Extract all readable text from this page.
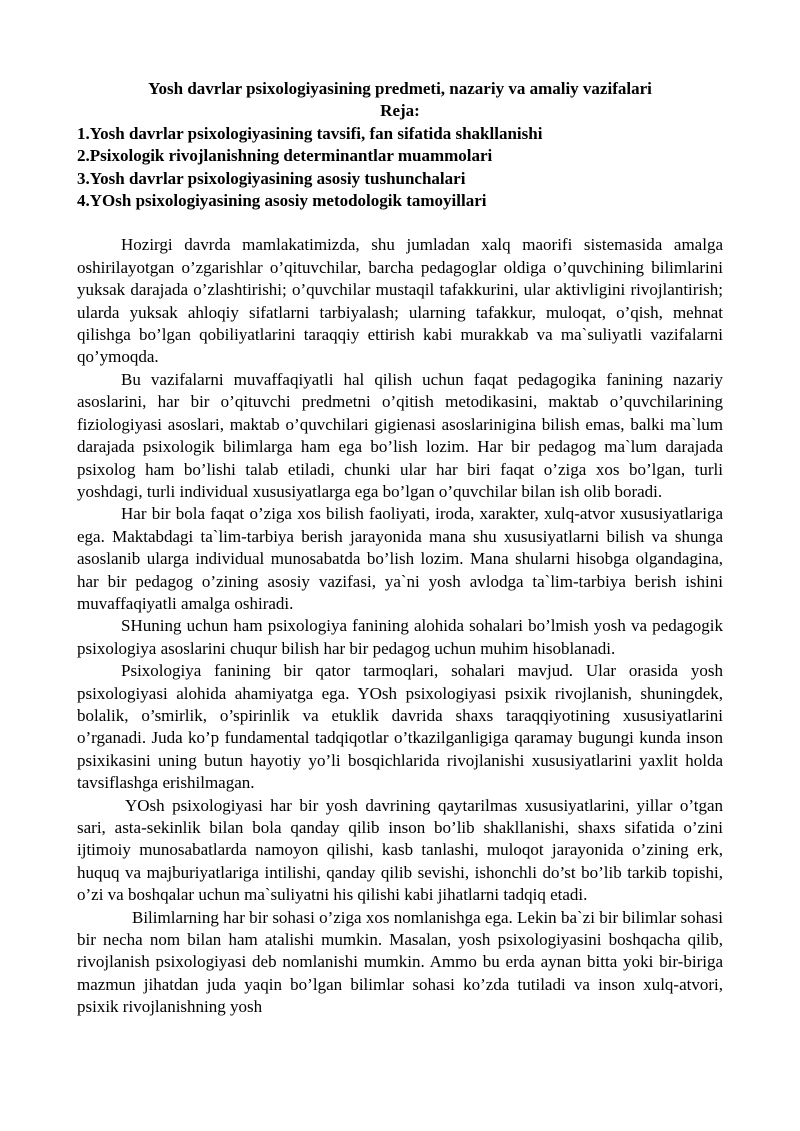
Yosh davrlar psixologiyasining predmeti, nazariy va amaliy vazifalari

Reja:

1.Yosh davrlar psixologiyasining tavsifi, fan sifatida shakllanishi

2.Psixologik rivojlanishning determinantlar muammolari

3.Yosh davrlar psixologiyasining asosiy tushunchalari

4.YOsh psixologiyasining asosiy metodologik tamoyillari

Hozirgi davrda mamlakatimizda, shu jumladan xalq maorifi sistemasida amalga oshirilayotgan o’zgarishlar o’qituvchilar, barcha pedagoglar oldiga o’quvchining bilimlarini yuksak darajada o’zlashtirishi; o’quvchilar mustaqil tafakkurini, ular aktivligini rivojlantirish; ularda yuksak ahloqiy sifatlarni tarbiyalash; ularning tafakkur, muloqat, o’qish, mehnat qilishga bo’lgan qobiliyatlarini taraqqiy ettirish kabi murakkab va ma`suliyatli vazifalarni qo’ymoqda.

Bu vazifalarni muvaffaqiyatli hal qilish uchun faqat pedagogika fanining nazariy asoslarini, har bir o’qituvchi predmetni o’qitish metodikasini, maktab o’quvchilarining fiziologiyasi asoslari, maktab o’quvchilari gigienasi asoslarinigina bilish emas, balki ma`lum darajada psixologik bilimlarga ham ega bo’lish lozim. Har bir pedagog ma`lum darajada psixolog ham bo’lishi talab etiladi, chunki ular har biri faqat o’ziga xos bo’lgan, turli yoshdagi, turli individual xususiyatlarga ega bo’lgan o’quvchilar bilan ish olib boradi.

Har bir bola faqat o’ziga xos bilish faoliyati, iroda, xarakter, xulq-atvor xususiyatlariga ega. Maktabdagi ta`lim-tarbiya berish jarayonida mana shu xususiyatlarni bilish va shunga asoslanib ularga individual munosabatda bo’lish lozim. Mana shularni hisobga olgandagina, har bir pedagog o’zining asosiy vazifasi, ya`ni yosh avlodga ta`lim-tarbiya berish ishini muvaffaqiyatli amalga oshiradi.

SHuning uchun ham psixologiya fanining alohida sohalari bo’lmish yosh va pedagogik psixologiya asoslarini chuqur bilish har bir pedagog uchun muhim hisoblanadi.

Psixologiya fanining bir qator tarmoqlari, sohalari mavjud. Ular orasida yosh psixologiyasi alohida ahamiyatga ega. YOsh psixologiyasi psixik rivojlanish, shuningdek, bolalik, o’smirlik, o’spirinlik va etuklik davrida shaxs taraqqiyotining xususiyatlarini o’rganadi. Juda ko’p fundamental tadqiqotlar o’tkazilganligiga qaramay bugungi kunda inson psixikasini uning butun hayotiy yo’li bosqichlarida rivojlanishi xususiyatlarini yaxlit holda tavsiflashga erishilmagan.

YOsh psixologiyasi har bir yosh davrining qaytarilmas xususiyatlarini, yillar o’tgan sari, asta-sekinlik bilan bola qanday qilib inson bo’lib shakllanishi, shaxs sifatida o’zini ijtimoiy munosabatlarda namoyon qilishi, kasb tanlashi, muloqot jarayonida o’zining erk, huquq va majburiyatlariga intilishi, qanday qilib sevishi, ishonchli do’st bo’lib tarkib topishi, o’zi va boshqalar uchun ma`suliyatni his qilishi kabi jihatlarni tadqiq etadi.

Bilimlarning har bir sohasi o’ziga xos nomlanishga ega. Lekin ba`zi bir bilimlar sohasi bir necha nom bilan ham atalishi mumkin. Masalan, yosh psixologiyasini boshqacha qilib, rivojlanish psixologiyasi deb nomlanishi mumkin. Ammo bu erda aynan bitta yoki bir-biriga mazmun jihatdan juda yaqin bo’lgan bilimlar sohasi ko’zda tutiladi va inson xulq-atvori, psixik rivojlanishning yosh
